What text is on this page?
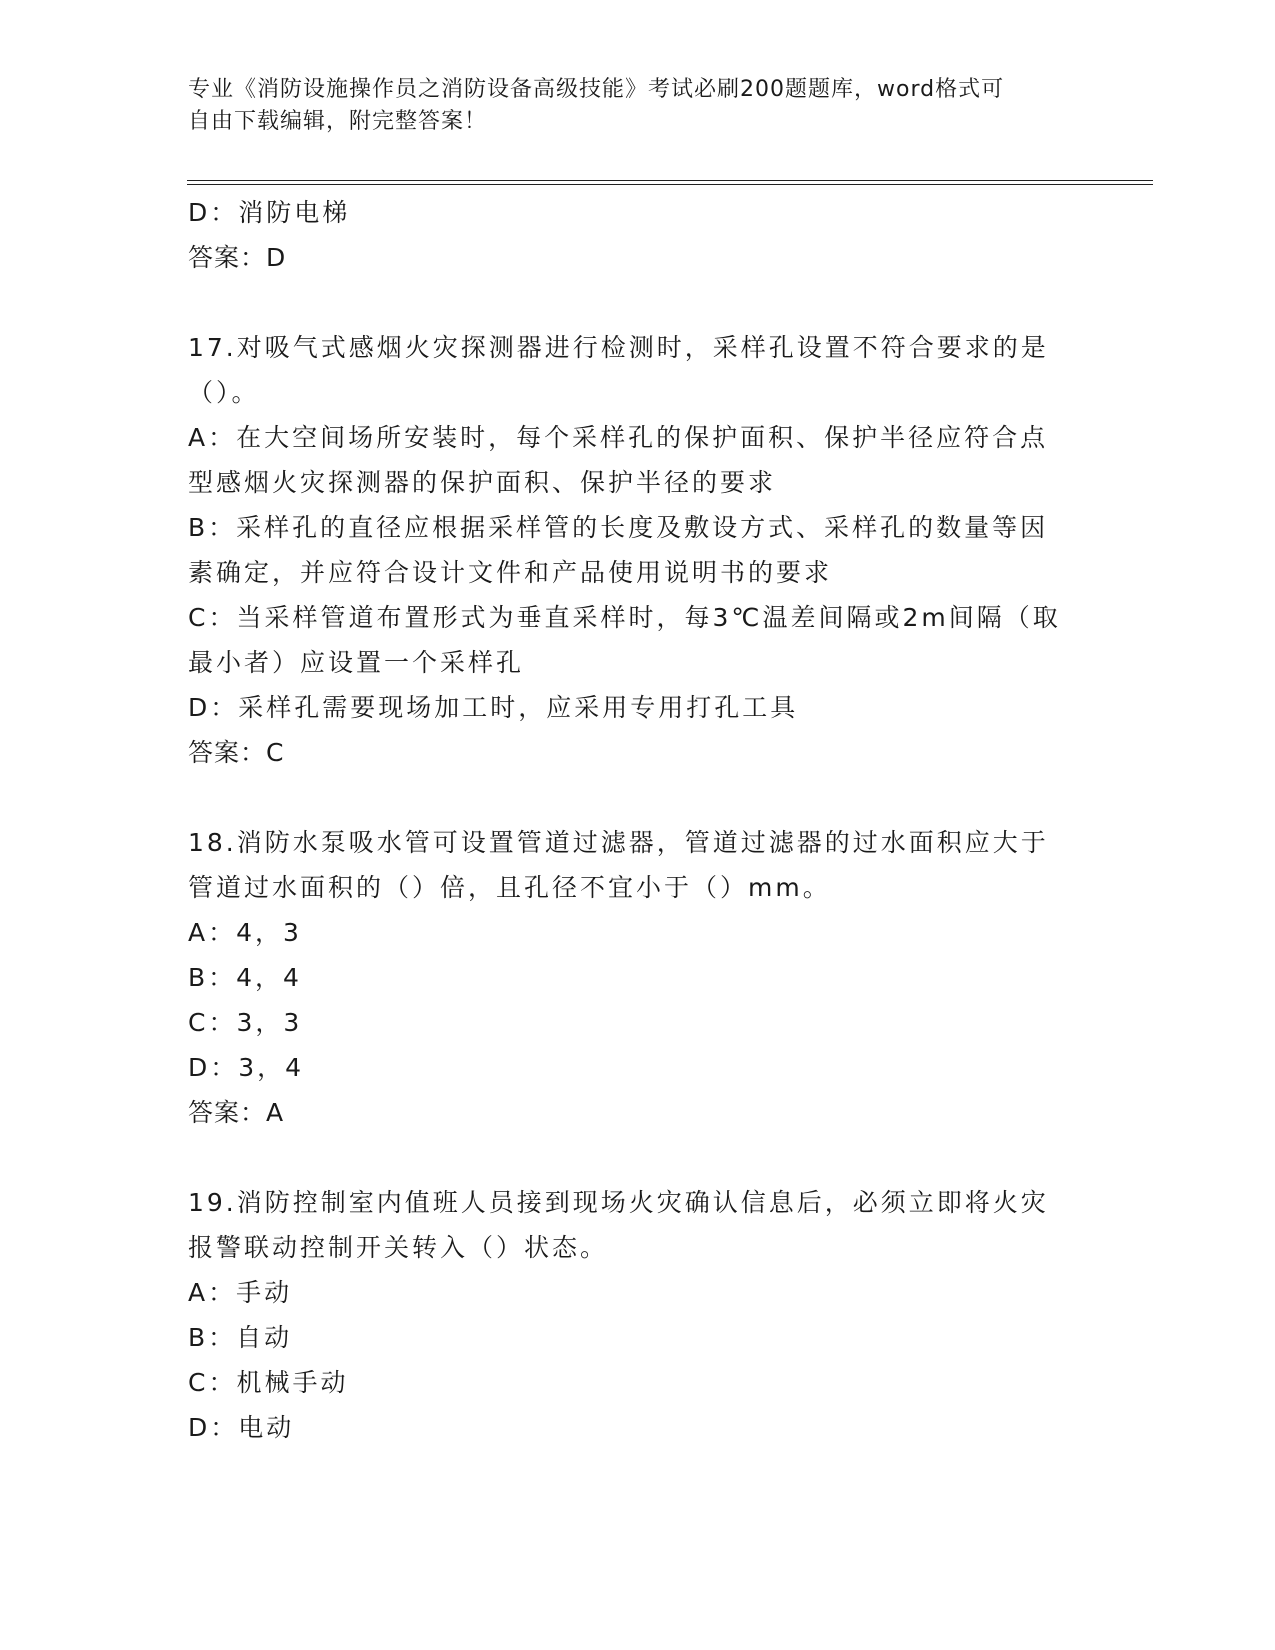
专业《消防设施操作员之消防设备高级技能》考试必刷200题题库，word格式可
自由下载编辑，附完整答案！
D：消防电梯
答案：D
17.对吸气式感烟火灾探测器进行检测时，采样孔设置不符合要求的是
（）。
A：在大空间场所安装时，每个采样孔的保护面积、保护半径应符合点
型感烟火灾探测器的保护面积、保护半径的要求
B：采样孔的直径应根据采样管的长度及敷设方式、采样孔的数量等因
素确定，并应符合设计文件和产品使用说明书的要求
C：当采样管道布置形式为垂直采样时，每3℃温差间隔或2m间隔（取
最小者）应设置一个采样孔
D：采样孔需要现场加工时，应采用专用打孔工具
答案：C
18.消防水泵吸水管可设置管道过滤器，管道过滤器的过水面积应大于
管道过水面积的（）倍，且孔径不宜小于（）mm。
A：4，3
B：4，4
C：3，3
D：3，4
答案：A
19.消防控制室内值班人员接到现场火灾确认信息后，必须立即将火灾
报警联动控制开关转入（）状态。
A：手动
B：自动
C：机械手动
D：电动
